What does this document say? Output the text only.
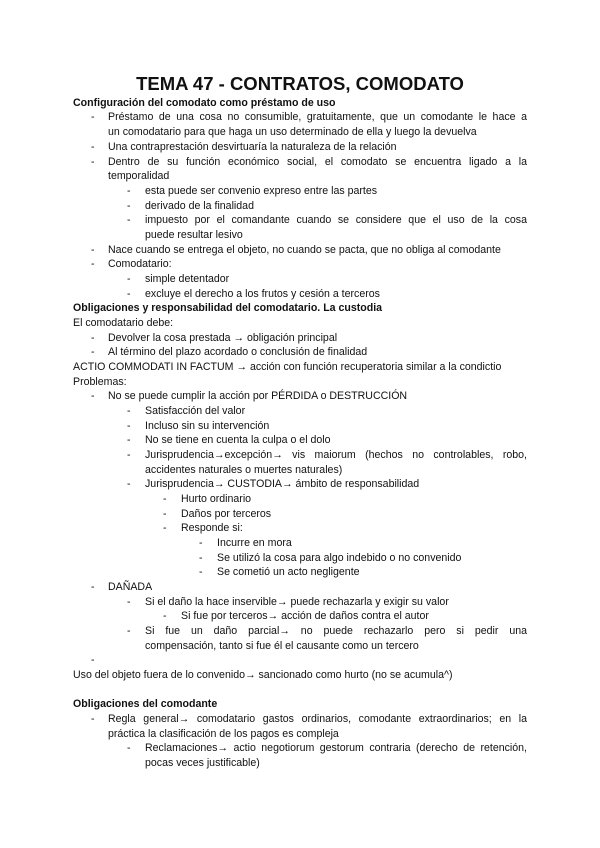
TEMA 47 - CONTRATOS, COMODATO
Configuración del comodato como préstamo de uso
- Préstamo de una cosa no consumible, gratuitamente, que un comodante le hace a
un comodatario para que haga un uso determinado de ella y luego la devuelva
- Una contraprestación desvirtuaría la naturaleza de la relación
- Dentro de su función económico social, el comodato se encuentra ligado a la
temporalidad
- esta puede ser convenio expreso entre las partes
- derivado de la finalidad
- impuesto por el comandante cuando se considere que el uso de la cosa
puede resultar lesivo
- Nace cuando se entrega el objeto, no cuando se pacta, que no obliga al comodante
- Comodatario:
- simple detentador
- excluye el derecho a los frutos y cesión a terceros
Obligaciones y responsabilidad del comodatario. La custodia
El comodatario debe:
- Devolver la cosa prestada → obligación principal
- Al término del plazo acordado o conclusión de finalidad
ACTIO COMMODATI IN FACTUM → acción con función recuperatoria similar a la condictio
Problemas:
- No se puede cumplir la acción por PÉRDIDA o DESTRUCCIÓN
- Satisfacción del valor
- Incluso sin su intervención
- No se tiene en cuenta la culpa o el dolo
- Jurisprudencia→excepción→ vis maiorum (hechos no controlables, robo,
accidentes naturales o muertes naturales)
- Jurisprudencia→ CUSTODIA→ ámbito de responsabilidad
- Hurto ordinario
- Daños por terceros
- Responde si:
- Incurre en mora
- Se utilizó la cosa para algo indebido o no convenido
- Se cometió un acto negligente
- DAÑADA
- Si el daño la hace inservible→ puede rechazarla y exigir su valor
- Si fue por terceros→ acción de daños contra el autor
- Si fue un daño parcial→ no puede rechazarlo pero si pedir una
compensación, tanto si fue él el causante como un tercero
-
Uso del objeto fuera de lo convenido→ sancionado como hurto (no se acumula^)
Obligaciones del comodante
- Regla general→ comodatario gastos ordinarios, comodante extraordinarios; en la
práctica la clasificación de los pagos es compleja
- Reclamaciones→ actio negotiorum gestorum contraria (derecho de retención,
pocas veces justificable)
